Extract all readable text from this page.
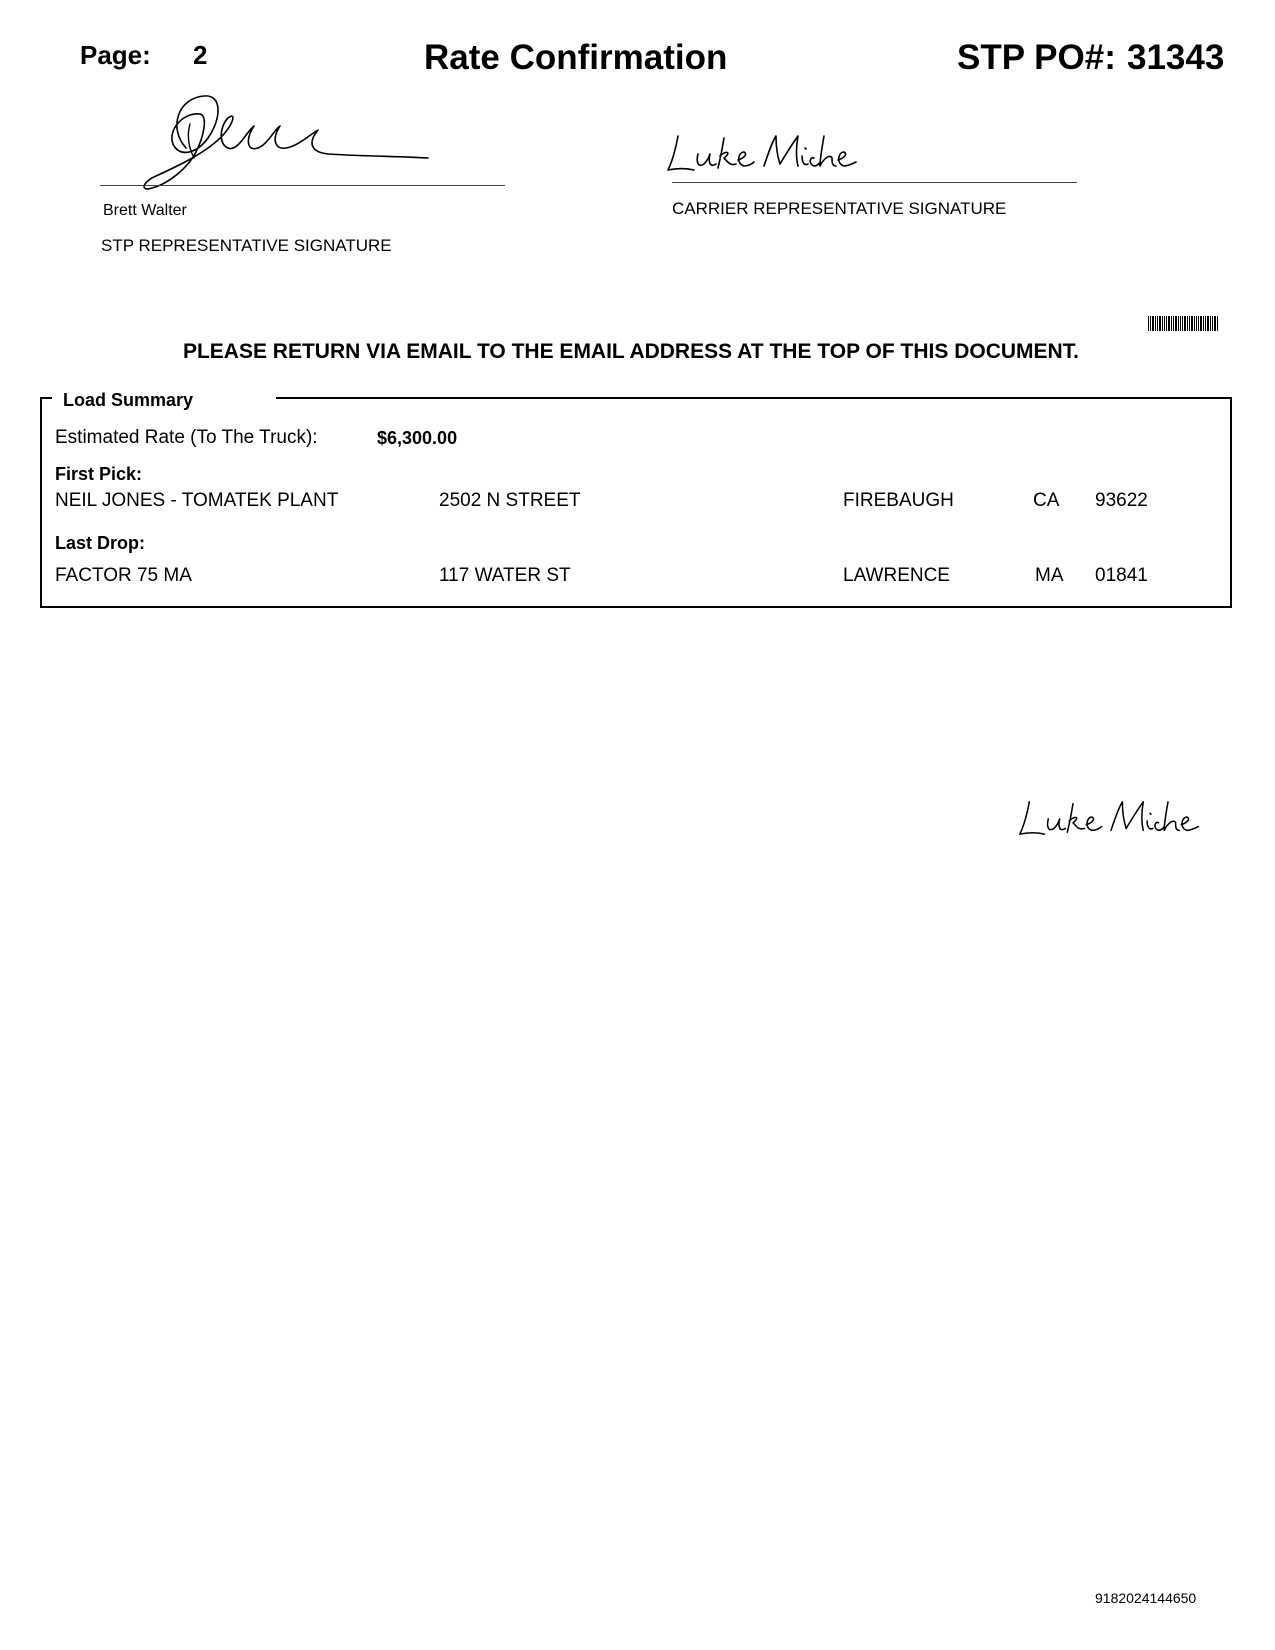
Page: 2	Rate Confirmation	STP PO#: 31343
Brett Walter
STP REPRESENTATIVE SIGNATURE
CARRIER REPRESENTATIVE SIGNATURE
PLEASE RETURN VIA EMAIL TO THE EMAIL ADDRESS AT THE TOP OF THIS DOCUMENT.
Load Summary
Estimated Rate (To The Truck):	$6,300.00
First Pick:
NEIL JONES - TOMATEK PLANT	2502 N STREET	FIREBAUGH	CA 93622
Last Drop:
FACTOR 75 MA	117 WATER ST	LAWRENCE	MA 01841
9182024144650
